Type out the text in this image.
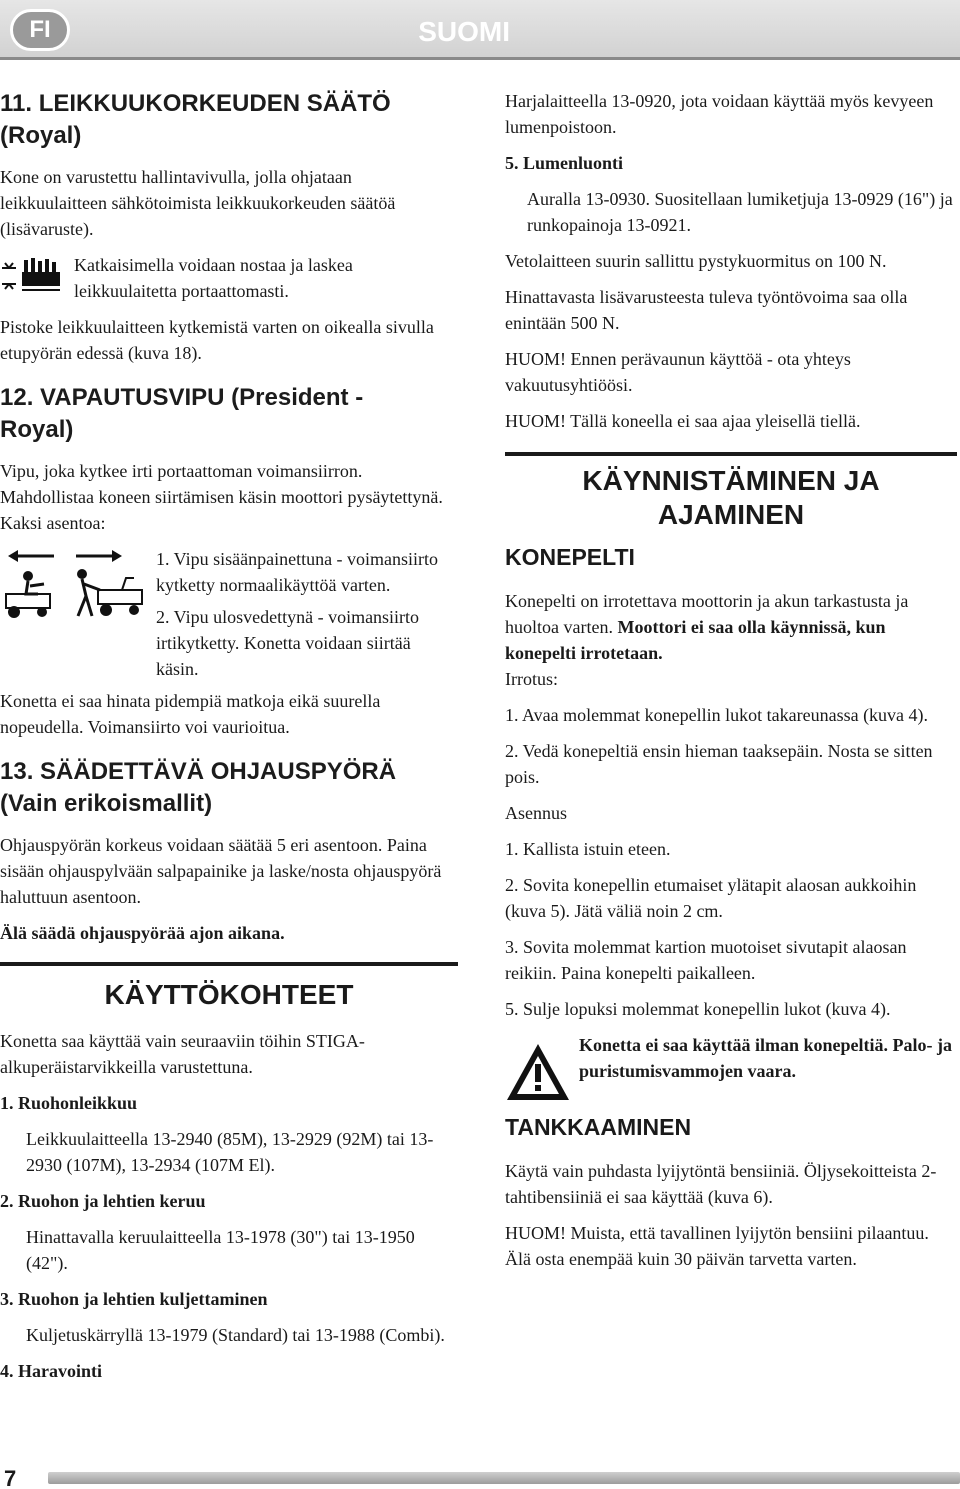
FI	SUOMI
11. LEIKKUUKORKEUDEN SÄÄTÖ
(Royal)

Kone on varustettu hallintavivulla, jolla ohjataan leikkuulaitteen sähkötoimista leikkuukorkeuden säätöä (lisävaruste).

Katkaisimella voidaan nostaa ja laskea leikkuulaitetta portaattomasti.

Pistoke leikkuulaitteen kytkemistä varten on oikealla sivulla etupyörän edessä (kuva 18).

12. VAPAUTUSVIPU (President -
Royal)

Vipu, joka kytkee irti portaattoman voimansiirron. Mahdollistaa koneen siirtämisen käsin moottori pysäytettynä. Kaksi asentoa:

1. Vipu sisäänpainettuna - voimansiirto kytketty normaalikäyttöä varten.

2. Vipu ulosvedettynä - voimansiirto irtikytketty. Konetta voidaan siirtää käsin.

Konetta ei saa hinata pidempiä matkoja eikä suurella nopeudella. Voimansiirto voi vaurioitua.

13. SÄÄDETTÄVÄ OHJAUSPYÖRÄ
(Vain erikoismallit)

Ohjauspyörän korkeus voidaan säätää 5 eri asentoon. Paina sisään ohjauspylvään salpapainike ja laske/nosta ohjauspyörä haluttuun asentoon.

Älä säädä ohjauspyörää ajon aikana.

KÄYTTÖKOHTEET

Konetta saa käyttää vain seuraaviin töihin STIGA-alkuperäistarvikkeilla varustettuna.

1. Ruohonleikkuu
Leikkuulaitteella 13-2940 (85M), 13-2929 (92M) tai 13-2930 (107M), 13-2934 (107M El).
2. Ruohon ja lehtien keruu
Hinattavalla keruulaitteella 13-1978 (30") tai 13-1950 (42").
3. Ruohon ja lehtien kuljettaminen
Kuljetuskärryllä 13-1979 (Standard) tai 13-1988 (Combi).
4. Haravointi

Harjalaitteella 13-0920, jota voidaan käyttää myös kevyeen lumenpoistoon.

5. Lumenluonti
Auralla 13-0930. Suositellaan lumiketjuja 13-0929 (16") ja runkopainoja 13-0921.

Vetolaitteen suurin sallittu pystykuormitus on 100 N.

Hinattavasta lisävarusteesta tuleva työntövoima saa olla enintään 500 N.

HUOM! Ennen perävaunun käyttöä - ota yhteys vakuutusyhtiöösi.

HUOM! Tällä koneella ei saa ajaa yleisellä tiellä.

KÄYNNISTÄMINEN JA
AJAMINEN
KONEPELTI

Konepelti on irrotettava moottorin ja akun tarkastusta ja huoltoa varten. Moottori ei saa olla käynnissä, kun konepelti irrotetaan.

Irrotus:

1. Avaa molemmat konepellin lukot takareunassa (kuva 4).

2. Vedä konepeltiä ensin hieman taaksepäin. Nosta se sitten pois.

Asennus

1. Kallista istuin eteen.

2. Sovita konepellin etumaiset ylätapit alaosan aukkoihin (kuva 5). Jätä väliä noin 2 cm.

3. Sovita molemmat kartion muotoiset sivutapit alaosan reikiin. Paina konepelti paikalleen.

5. Sulje lopuksi molemmat konepellin lukot (kuva 4).

Konetta ei saa käyttää ilman konepeltiä. Palo- ja puristumisvammojen vaara.

TANKKAAMINEN

Käytä vain puhdasta lyijytöntä bensiiniä. Öljysekoitteista 2-tahtibensiiniä ei saa käyttää (kuva 6).

HUOM! Muista, että tavallinen lyijytön bensiini pilaantuu. Älä osta enempää kuin 30 päivän tarvetta varten.

7
